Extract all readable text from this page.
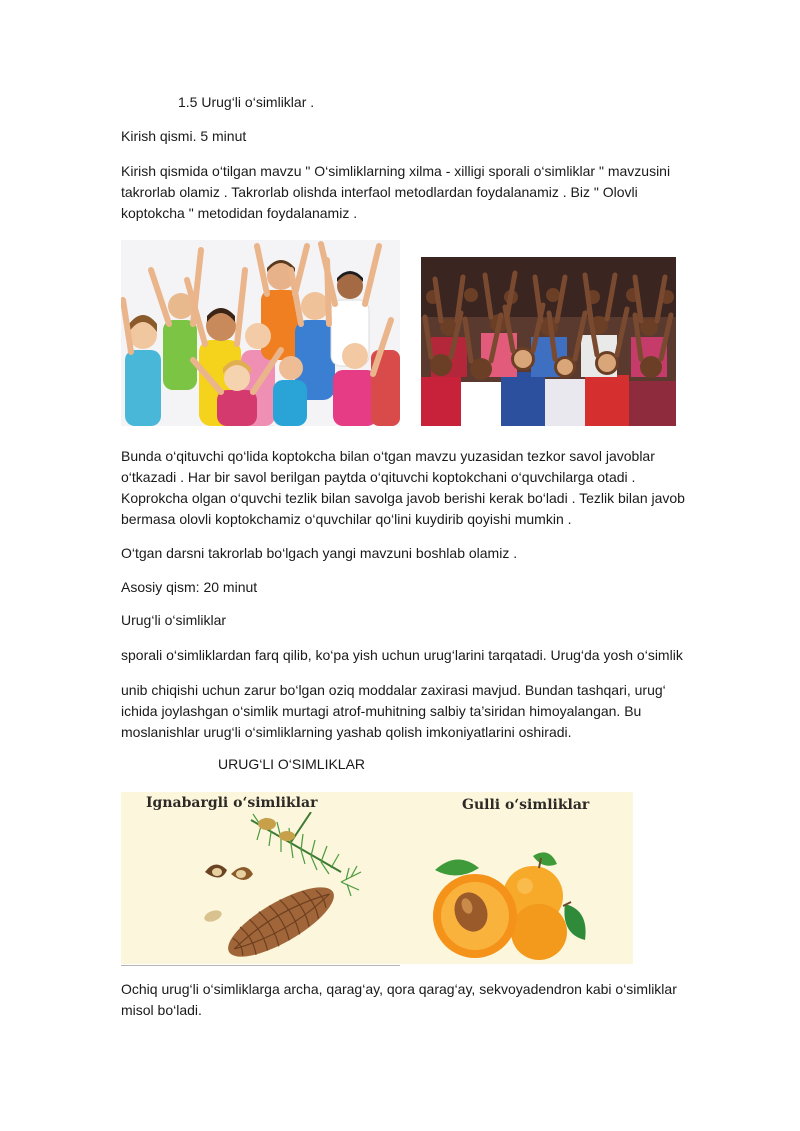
1.5 Urug‘li o‘simliklar .
Kirish qismi. 5 minut
Kirish qismida o‘tilgan mavzu " O‘simliklarning xilma - xilligi sporali o‘simliklar " mavzusini
takrorlab olamiz . Takrorlab olishda interfaol metodlardan foydalanamiz . Biz " Olovli
koptokcha " metodidan foydalanamiz .
Bunda o‘qituvchi qo‘lida koptokcha bilan o‘tgan mavzu yuzasidan tezkor savol javoblar
o‘tkazadi . Har bir savol berilgan paytda o‘qituvchi koptokchani o‘quvchilarga otadi .
Koprokcha olgan o‘quvchi tezlik bilan savolga javob berishi kerak bo‘ladi . Tezlik bilan javob
bermasa olovli koptokchamiz o‘quvchilar qo‘lini kuydirib qoyishi mumkin .
O‘tgan darsni takrorlab bo‘lgach yangi mavzuni boshlab olamiz .
Asosiy qism: 20 minut
Urug‘li o‘simliklar
sporali o‘simliklardan farq qilib, ko‘pa yish uchun urug‘larini tarqatadi. Urug‘da yosh o‘simlik
unib chiqishi uchun zarur bo‘lgan oziq moddalar zaxirasi mavjud. Bundan tashqari, urug‘
ichida joylashgan o‘simlik murtagi atrof-muhitning salbiy ta’siridan himoyalangan. Bu
moslanishlar urug‘li o‘simliklarning yashab qolish imkoniyatlarini oshiradi.
URUG‘LI O‘SIMLIKLAR
Ignabargli o‘simliklar	Gulli o‘simliklar
Ochiq urug‘li o‘simliklarga archa, qarag‘ay, qora qarag‘ay, sekvoyadendron kabi o‘simliklar
misol bo‘ladi.
